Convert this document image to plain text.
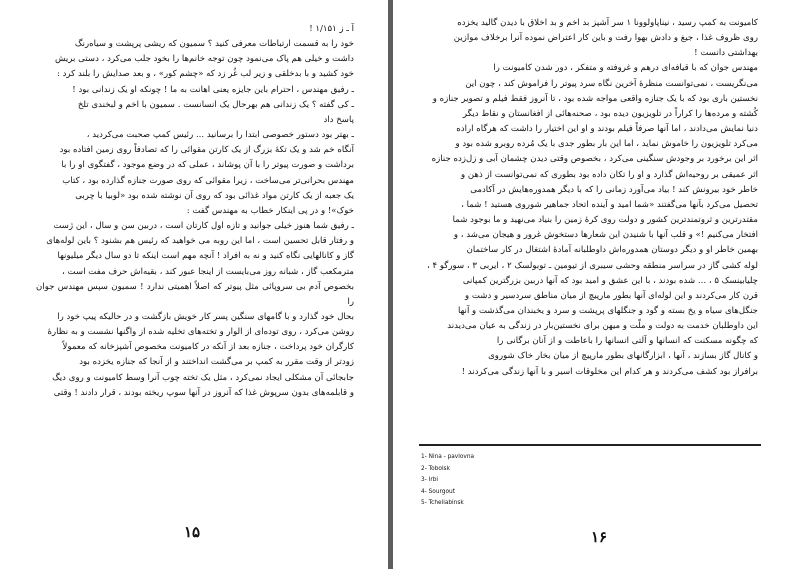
آ ـ ز ۱/۱۵۱ !

خود را به قسمت ارتباطات معرفی کنید ؟ سمیون که ریشی پرپشت و سیاه‌رنگ

داشت و خیلی هم پاک می‌نمود چون توجه خانم‌ها را بخود جلب می‌کرد ، دستی بریش

خود کشید و با بدخلقی و زیر لب غُر زد که «چشم کور» ، و بعد صدایش را بلند کرد :

ـ رفیق مهندس ، احترام باین جایزه یعنی اهانت به ما ! چونکه او یک زندانی بود !

ـ کی گفته ؟ یک زندانی هم بهرحال یک انسانست . سمیون با اخم و لبخندی تلخ

پاسخ داد

ـ بهتر بود دستور خصوصی ابتدا را برسانید ... رئیس کمپ صحبت می‌کردید ،

آنگاه خم شد و یک تکهٔ بزرگ از یک کارتن مقوائی را که تصادفاً روی زمین افتاده بود

برداشت و صورت پیوتر را با آن پوشاند ، عملی که در وضع موجود ، گفتگوی او را با

مهندس بحرانی‌تر می‌ساخت ، زیرا مقوائی که روی صورت جنازه گذارده بود ، کتاب

یک جعبه از یک کارتن مواد غذائی بود که روی آن نوشته شده بود «لوبیا با چربی

خوک»! و در پی اینکار خطاب به مهندس گفت :

ـ رفیق شما هنوز خیلی جوانید و تازه اول کارتان است ، دربین سن و سال ، این ژست

و رفتار قابل تحسین است ، اما این روبه می خواهید که رئیس هم بشنود ؟ باین لوله‌های

گاز و کانالهایی نگاه کنید و نه به افراد ! آنچه مهم است اینکه تا دو سال دیگر میلیونها

مترمکعب گاز ، شبانه روز می‌بایست از اینجا عبور کند ، بقیه‌اش حرف مفت است ،

بخصوص آدم بی سروپائی مثل پیوتر که اصلاً اهمیتی ندارد ! سمیون سپس مهندس جوان را

بحال خود گذارد و با گامهای سنگین پسر کار خویش بازگشت و در حالیکه پیپ خود را

روشن می‌کرد ، روی توده‌ای از الوار و تخته‌های تخلیه شده از واگنها نشست و به نظارهٔ

کارگران خود پرداخت ، جنازه بعد از آنکه در کامیونت مخصوص آشپزخانه که معمولاً

زودتر از وقت مقرر به کمپ بر می‌گشت انداختند و از آنجا که جنازه یخزده بود

جابجائی آن مشکلی ایجاد نمی‌کرد ، مثل یک تخته چوب آنرا وسط کامیونت و روی دیگ

و قابلمه‌های بدون سرپوش غذا که آنروز در آنها سوپ ریخته بودند ، قرار دادند ! وقتی

۱۵

کامیونت به کمپ رسید ، نیناپاولوونا ۱ سر آشپز بد اخم و بد اخلاق با دیدن گالید یخزده

روی ظروف غذا ، جیغ و دادش بهوا رفت و باین کار اعتراض نموده آنرا برخلاف موازین

بهداشتی دانست !

مهندس جوان که با قیافه‌ای درهم و غروفته و متفکر ، دور شدن کامیونت را

می‌نگریست ، نمی‌توانست منظرهٔ آخرین نگاه سرد پیوتر را فراموش کند ، چون این

نخستین باری بود که با یک جنازه واقعی مواجه شده بود ، تا آنروز فقط فیلم و تصویر جنازه و

کُشته و مرده‌ها را کراراً در تلویزیون دیده بود ، صحنه‌هائی از افغانستان و نقاط دیگر

دنیا نمایش می‌دادند ، اما آنها صرفاً فیلم بودند و او این اختیار را داشت که هرگاه اراده

می‌کرد تلویزیون را خاموش نماید ، اما این بار بطور جدی با یک مُرده روبرو شده بود و

اثر این برخورد بر وجودش سنگینی می‌کرد ، بخصوص وقتی دیدن چشمان آبی و زل‌زده جنازه

اثر عمیقی بر روحیه‌اش گذارد و او را تکان داده بود بطوری که نمی‌توانست از ذهن و

خاطر خود بیرونش کند ! بیاد می‌آورد زمانی را که با دیگر همدوره‌هایش در آکادمی

تحصیل می‌کرد بآنها می‌گفتند «شما امید و آینده اتحاد جماهیر شوروی هستید ! شما ،

مقتدرترین و ثروتمندترین کشور و دولت روی کرهٔ زمین را بنیاد می‌نهید و ما بوجود شما

افتخار می‌کنیم !» و قلب آنها با شنیدن این شعارها دستخوش غرور و هیجان می‌شد ، و

بهمین خاطر او و دیگر دوستان همدوره‌اش داوطلبانه آمادهٔ اشتغال در کار ساختمان

لوله کشی گاز در سراسر منطقه وحشی سیبری از تیومین ـ توبولسک ۲ ، ایربی ۳ ، سورگو ۴ ،

چلیابینسک ۵ ، ... شده بودند ، با این عشق و امید بود که آنها دربین بزرگترین کمپانی

قرن کار می‌کردند و این لوله‌ای آنها بطور مارپیچ از میان مناطق سردسیر و دشت و

جنگل‌های سیاه و یخ بسته و گود و جنگلهای پرپشت و سرد و یخبندان می‌گذشت و آنها

این داوطلبان خدمت به دولت و ملّت و میهن برای نخستین‌بار در زندگی به عیان می‌دیدند

که چگونه مسکنت که انسانها و آلتی انسانها را باعاطت و از آنان برگانی را

و کانال گاز بسازند ، آنها ، ابزارگانهای بطور مارپیچ از میان بخار خاک شوروی

برافراز بود کشف می‌کردند و هر کدام این مخلوقات اسیر و با آنها زندگی می‌کردند !

1- Nina - pavlovna
2- Tobolsk
3- Irbi
4- Sourgout
5- Tcheliabinsk
۱۶
